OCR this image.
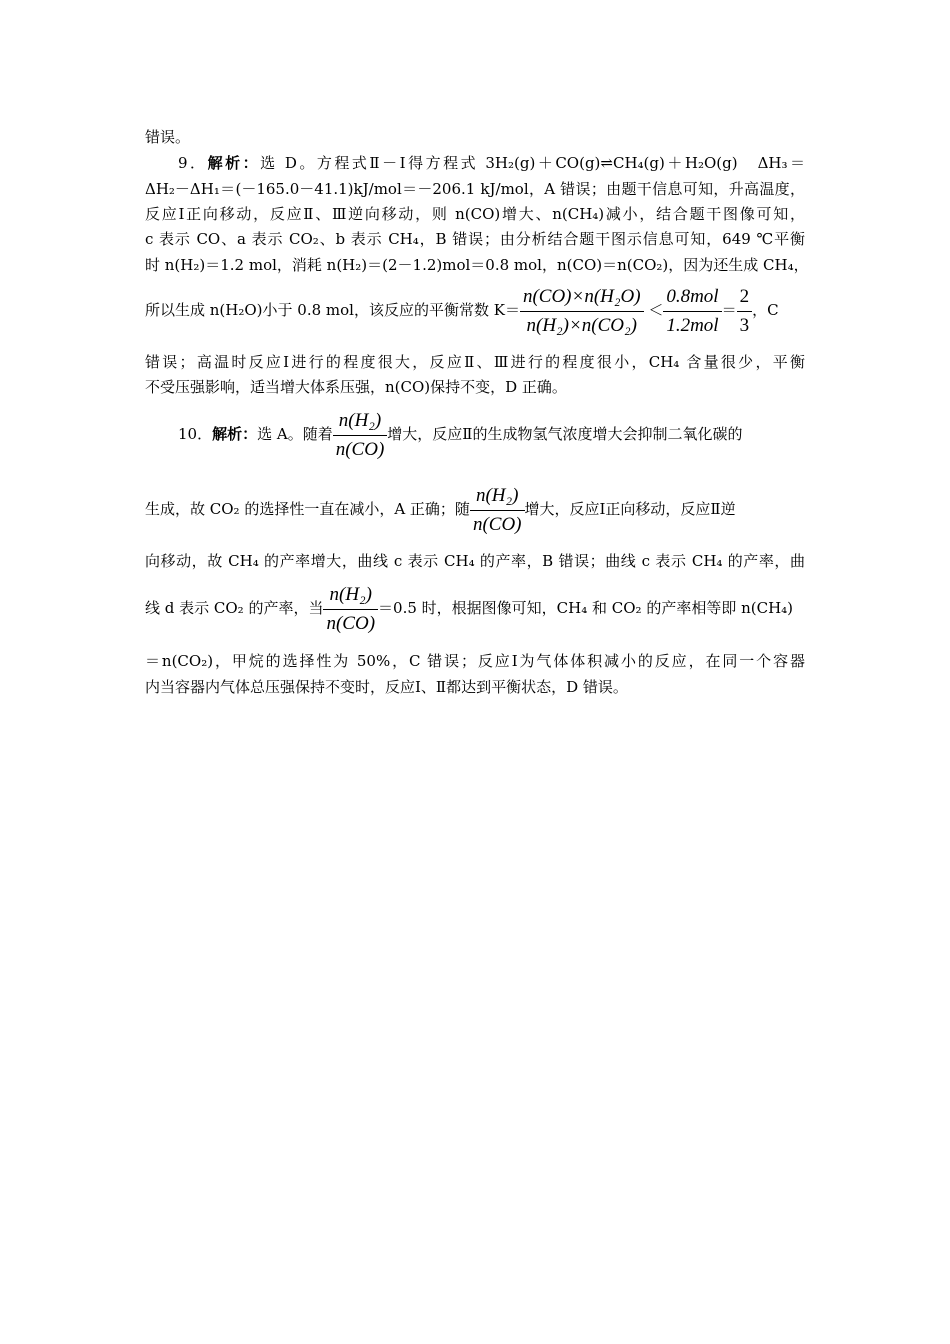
错误。
9．解析：选 D。方程式Ⅱ－Ⅰ得方程式 3H₂(g)＋CO(g)⇌CH₄(g)＋H₂O(g)　ΔH₃＝
ΔH₂－ΔH₁＝(－165.0－41.1)kJ/mol＝－206.1 kJ/mol，A 错误；由题干信息可知，升高温度，
反应Ⅰ正向移动，反应Ⅱ、Ⅲ逆向移动，则 n(CO)增大、n(CH₄)减小，结合题干图像可知，
c 表示 CO、a 表示 CO₂、b 表示 CH₄，B 错误；由分析结合题干图示信息可知，649 ℃平衡
时 n(H₂)＝1.2 mol，消耗 n(H₂)＝(2－1.2)mol＝0.8 mol，n(CO)＝n(CO₂)，因为还生成 CH₄，
所以生成 n(H₂O)小于 0.8 mol，该反应的平衡常数 $K= \frac{\text{n(CO)×n(H₂O)}}{\text{n(H₂)×n(CO₂)}} < \frac{\text{0.8mol}}{\text{1.2mol}} = \frac{2}{3}$ ，C
错误；高温时反应Ⅰ进行的程度很大，反应Ⅱ、Ⅲ进行的程度很小，CH₄ 含量很少，平衡
不受压强影响，适当增大体系压强，n(CO)保持不变，D 正确。
10．解析：选 A。随着 $\frac{\text{n(H₂)}}{n(CO)}$ 增大，反应Ⅱ的生成物氢气浓度增大会抑制二氧化碳的
生成，故 CO₂ 的选择性一直在减小，A 正确；随 $\frac{\text{n(H₂)}}{n(CO)}$ 增大，反应Ⅰ正向移动，反应Ⅱ逆
向移动，故 CH₄ 的产率增大，曲线 c 表示 CH₄ 的产率，B 错误；曲线 c 表示 CH₄ 的产率，曲
线 d 表示 CO₂ 的产率，当 $\frac{\text{n(H₂)}}{n(CO)} =0.5$ 时，根据图像可知，CH₄ 和 CO₂ 的产率相等即 n(CH₄)
＝n(CO₂)，甲烷的选择性为 50%，C 错误；反应Ⅰ为气体体积减小的反应，在同一个容器
内当容器内气体总压强保持不变时，反应Ⅰ、Ⅱ都达到平衡状态，D 错误。
